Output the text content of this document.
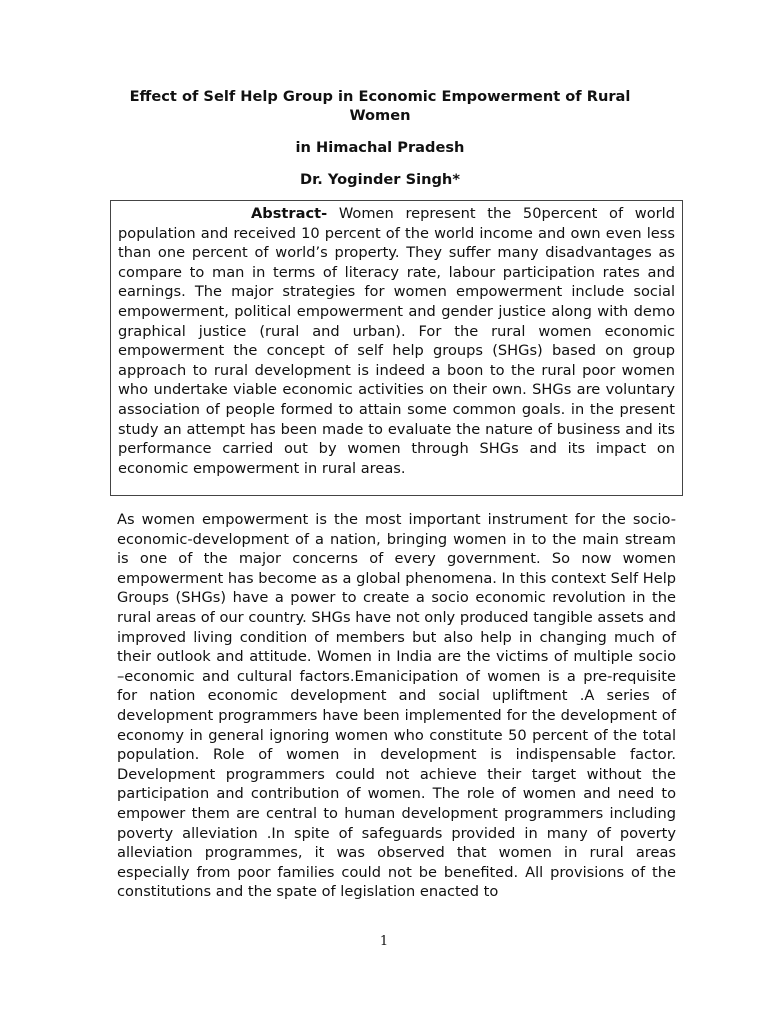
Effect of Self Help Group in Economic Empowerment of Rural Women
in Himachal Pradesh

Dr. Yoginder Singh*

Abstract- Women represent the 50percent of world population and received 10 percent of the world income and own even less than one percent of world’s property. They suffer many disadvantages as compare to man in terms of literacy rate, labour participation rates and earnings. The major strategies for women empowerment include social empowerment, political empowerment and gender justice along with demo graphical justice (rural and urban). For the rural women economic empowerment the concept of self help groups (SHGs) based on group approach to rural development is indeed a boon to the rural poor women who undertake viable economic activities on their own. SHGs are voluntary association of people formed to attain some common goals. in the present study an attempt has been made to evaluate the nature of business and its performance carried out by women through SHGs and its impact on economic empowerment in rural areas.

As women empowerment is the most important instrument for the socio-economic-development of a nation, bringing women in to the main stream is one of the major concerns of every government. So now women empowerment has become as a global phenomena. In this context Self Help Groups (SHGs) have a power to create a socio economic revolution in the rural areas of our country. SHGs have not only produced tangible assets and improved living condition of members but also help in changing much of their outlook and attitude. Women in India are the victims of multiple socio –economic and cultural factors.Emanicipation of women is a pre-requisite for nation economic development and social upliftment .A series of development programmers have been implemented for the development of economy in general ignoring women who constitute 50 percent of the total population. Role of women in development is indispensable factor. Development programmers could not achieve their target without the participation and contribution of women. The role of women and need to empower them are central to human development programmers including poverty alleviation .In spite of safeguards provided in many of poverty alleviation programmes, it was observed that women in rural areas especially from poor families could not be benefited. All provisions of the constitutions and the spate of legislation enacted to

1
